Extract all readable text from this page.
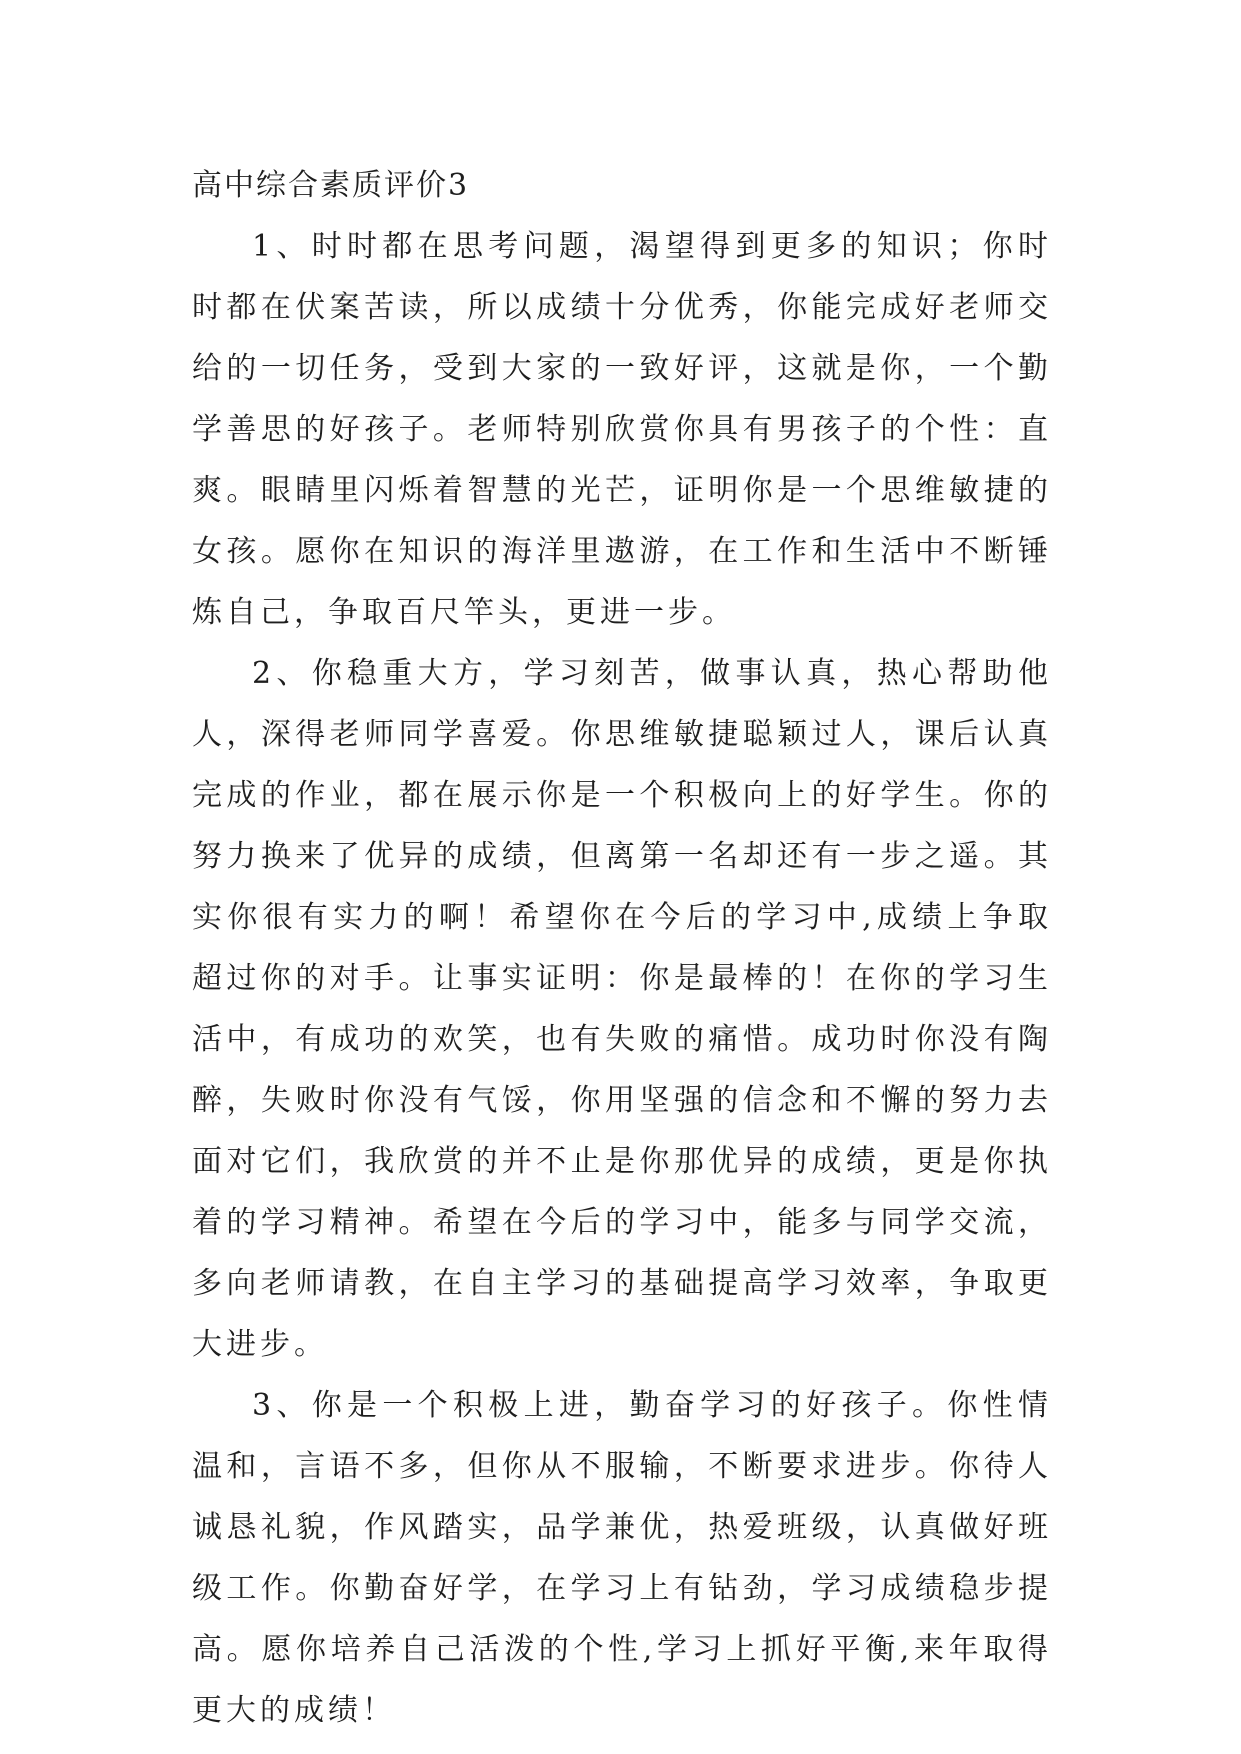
高中综合素质评价3

1、时时都在思考问题，渴望得到更多的知识；你时时都在伏案苦读，所以成绩十分优秀，你能完成好老师交给的一切任务，受到大家的一致好评，这就是你，一个勤学善思的好孩子。老师特别欣赏你具有男孩子的个性：直爽。眼睛里闪烁着智慧的光芒，证明你是一个思维敏捷的女孩。愿你在知识的海洋里遨游，在工作和生活中不断锤炼自己，争取百尺竿头，更进一步。

2、你稳重大方，学习刻苦，做事认真，热心帮助他人，深得老师同学喜爱。你思维敏捷聪颖过人，课后认真完成的作业，都在展示你是一个积极向上的好学生。你的努力换来了优异的成绩，但离第一名却还有一步之遥。其实你很有实力的啊！希望你在今后的学习中,成绩上争取超过你的对手。让事实证明：你是最棒的！在你的学习生活中，有成功的欢笑，也有失败的痛惜。成功时你没有陶醉，失败时你没有气馁，你用坚强的信念和不懈的努力去面对它们，我欣赏的并不止是你那优异的成绩，更是你执着的学习精神。希望在今后的学习中，能多与同学交流，多向老师请教，在自主学习的基础提高学习效率，争取更大进步。

3、你是一个积极上进，勤奋学习的好孩子。你性情温和，言语不多，但你从不服输，不断要求进步。你待人诚恳礼貌，作风踏实，品学兼优，热爱班级，认真做好班级工作。你勤奋好学，在学习上有钻劲，学习成绩稳步提高。愿你培养自己活泼的个性,学习上抓好平衡,来年取得更大的成绩！
